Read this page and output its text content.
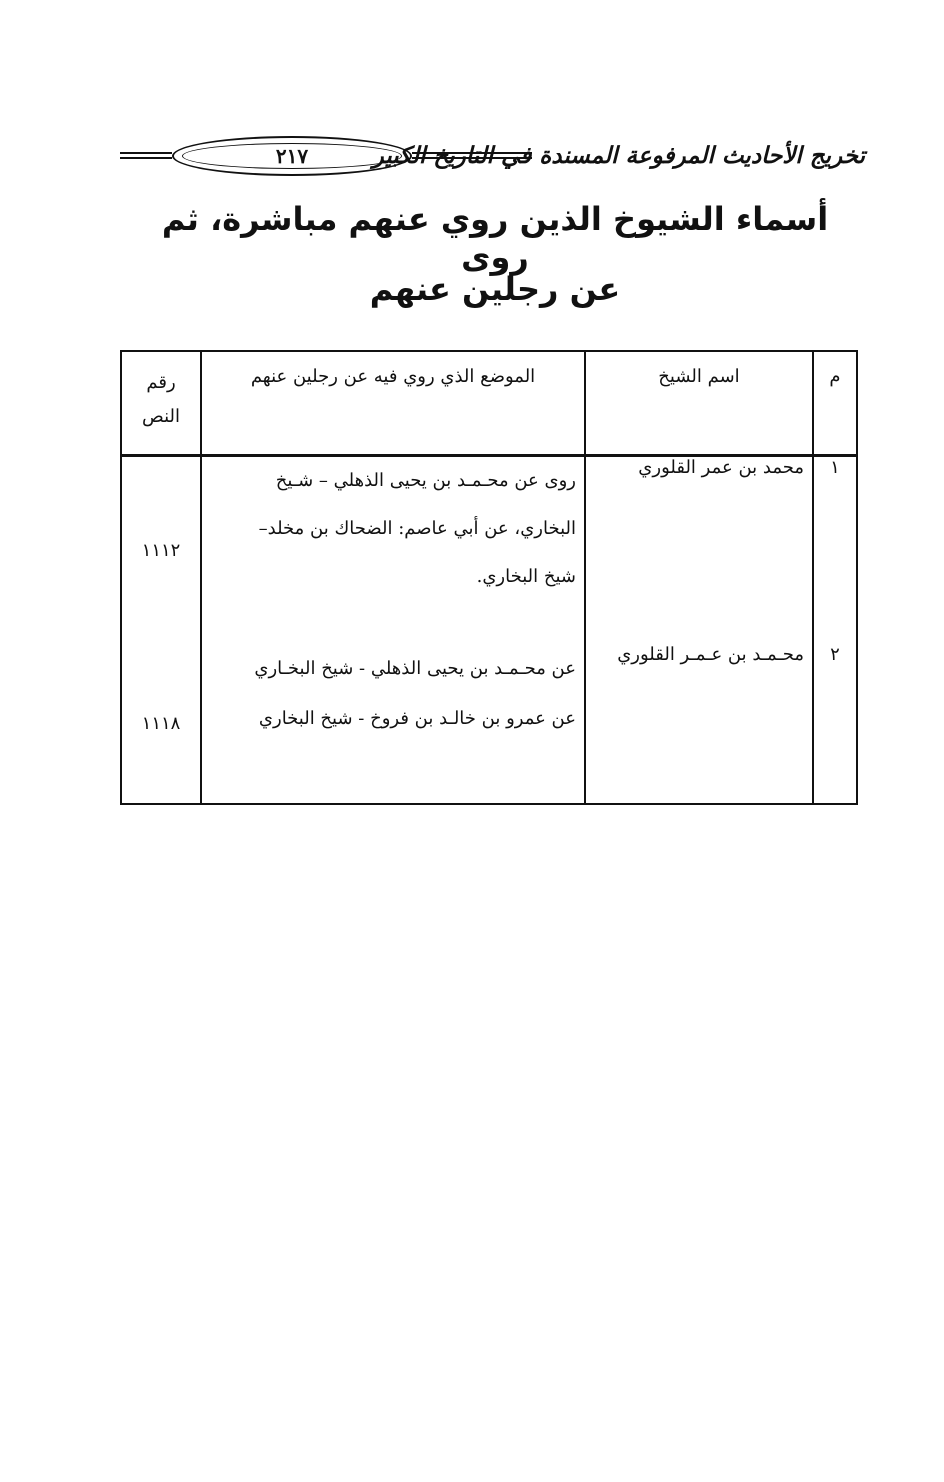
٢١٧	تخريج الأحاديث المرفوعة المسندة في التاريخ الكبير
أسماء الشيوخ الذين روي عنهم مباشرة، ثم روى
عن رجلين عنهم
م	اسم الشيخ	الموضع الذي روي فيه عن رجلين عنهم	رقم
النص

١	محمد بن عمر القلوري	روى عن محـمـد بن يحيى الذهلي – شـيخ
البخاري، عن أبي عاصم: الضحاك بن مخلد–
شيخ البخاري.	١١١٢
٢	محـمـد بن عـمـر القلوري	عن محـمـد بن يحيى الذهلي - شيخ البخـاري
عن عمرو بن خالـد بن فروخ - شيخ البخاري	١١١٨
